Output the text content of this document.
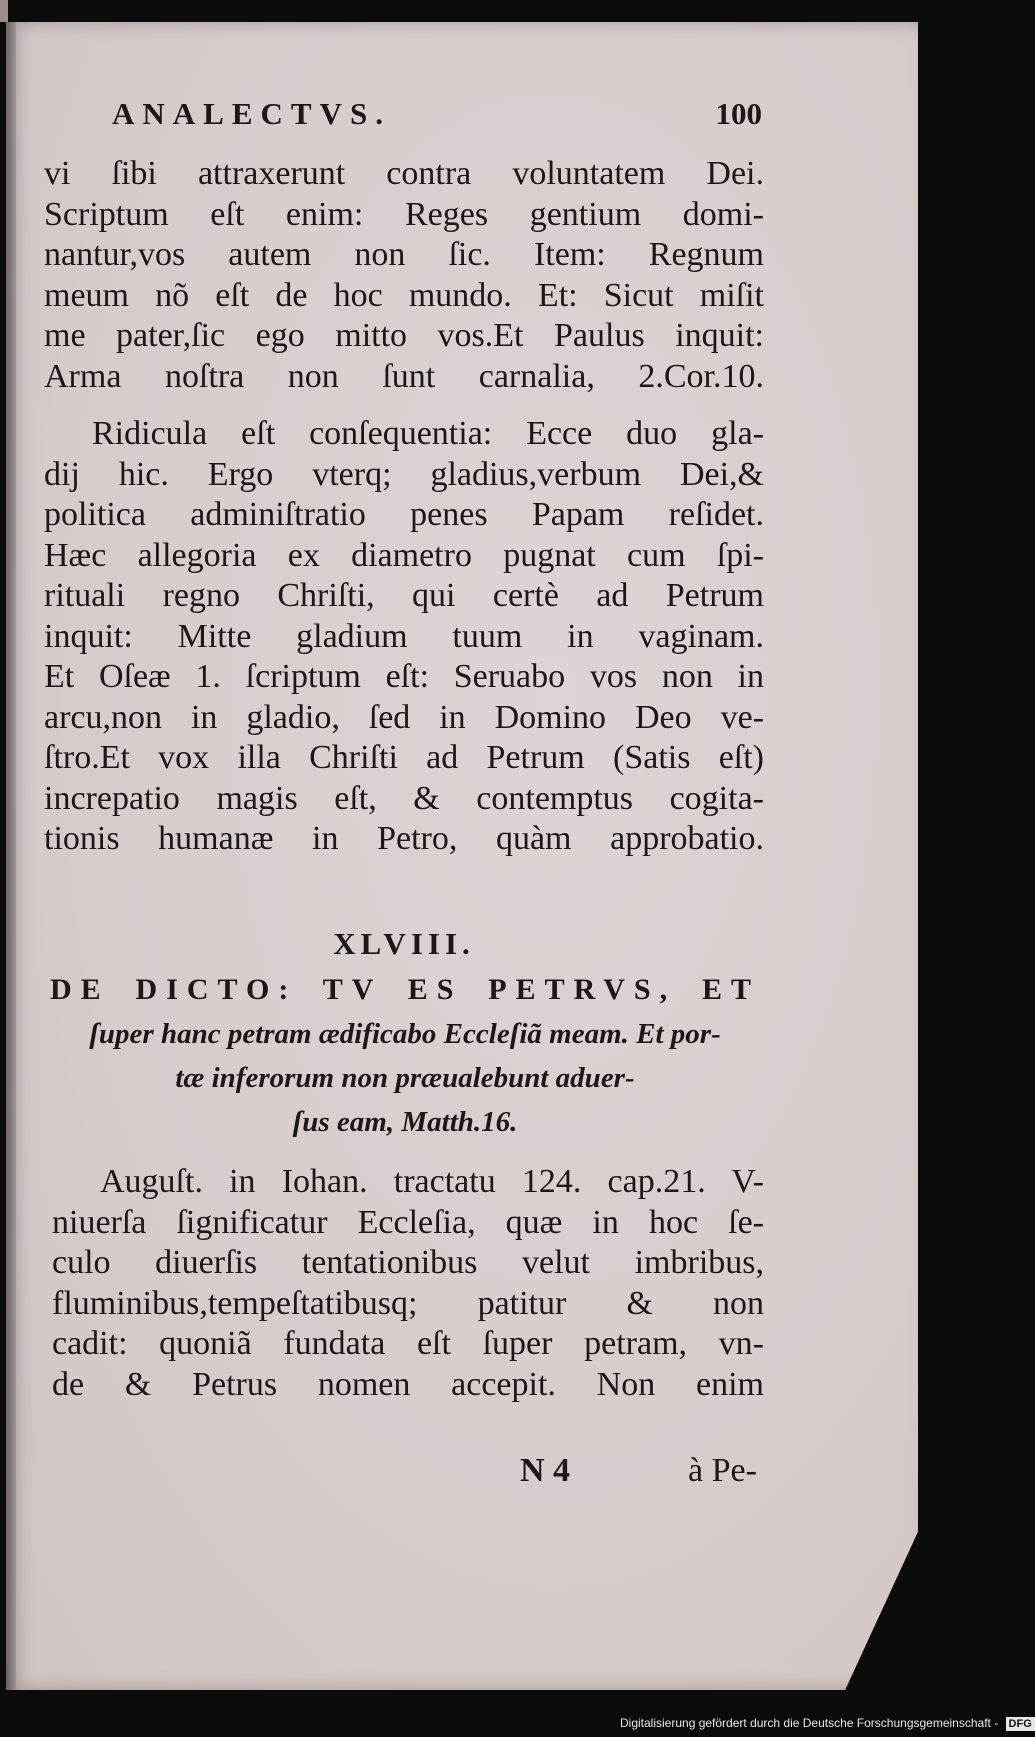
ANALECTVS.	100
vi ſibi attraxerunt contra voluntatem Dei.
Scriptum eſt enim: Reges gentium domi-
nantur,vos autem non ſic. Item: Regnum
meum nõ eſt de hoc mundo. Et: Sicut miſit
me pater,ſic ego mitto vos.Et Paulus inquit:
Arma noſtra non ſunt carnalia, 2.Cor.10.
Ridicula eſt conſequentia: Ecce duo gla-
dij hic. Ergo vterq; gladius,verbum Dei,&
politica adminiſtratio penes Papam reſidet.
Hæc allegoria ex diametro pugnat cum ſpi-
rituali regno Chriſti, qui certè ad Petrum
inquit: Mitte gladium tuum in vaginam.
Et Oſeæ 1. ſcriptum eſt: Seruabo vos non in
arcu,non in gladio, ſed in Domino Deo ve-
ſtro.Et vox illa Chriſti ad Petrum (Satis eſt)
increpatio magis eſt, & contemptus cogita-
tionis humanæ in Petro, quàm approbatio.
XLVIII.
DE DICTO: TV ES PETRVS, ET
ſuper hanc petram ædificabo Eccleſiã meam. Et por-
tæ inferorum non præualebunt aduer-
ſus eam, Matth.16.
Auguſt. in Iohan. tractatu 124. cap.21. V-
niuerſa ſignificatur Eccleſia, quæ in hoc ſe-
culo diuerſis tentationibus velut imbribus,
fluminibus,tempeſtatibusq; patitur & non
cadit: quoniã fundata eſt ſuper petram, vn-
de & Petrus nomen accepit. Non enim
N 4	à Pe-
Digitalisierung gefördert durch die Deutsche Forschungsgemeinschaft - DFG
